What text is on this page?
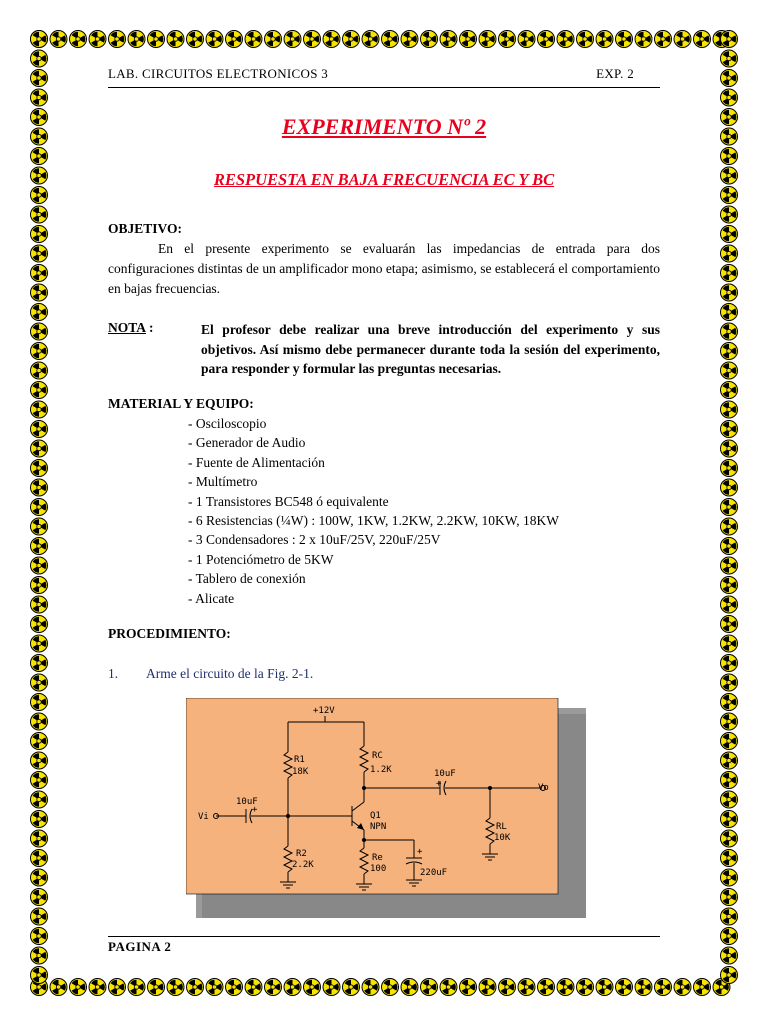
LAB. CIRCUITOS ELECTRONICOS 3	EXP. 2
EXPERIMENTO Nº 2
RESPUESTA EN BAJA FRECUENCIA EC Y BC
OBJETIVO:
En el presente experimento se evaluarán las impedancias de entrada para dos configuraciones distintas de un amplificador mono etapa; asimismo, se establecerá el comportamiento en bajas frecuencias.
NOTA :	El profesor debe realizar una breve introducción del experimento y sus objetivos. Así mismo debe permanecer durante toda la sesión del experimento, para responder y formular las preguntas necesarias.
MATERIAL Y EQUIPO:
- Osciloscopio
- Generador de Audio
- Fuente de Alimentación
- Multímetro
- 1 Transistores BC548 ó equivalente
- 6 Resistencias (¼W) : 100W, 1KW, 1.2KW, 2.2KW, 10KW, 18KW
- 3 Condensadores : 2 x 10uF/25V, 220uF/25V
- 1 Potenciómetro de 5KW
- Tablero de conexión
- Alicate
PROCEDIMIENTO:
1. Arme el circuito de la Fig. 2-1.
+12V
R1
18K
RC
1.2K	10uF
+	Vo
Vi
10uF
+
Q1
NPN	RL
10K
R2
2.2K
Re
100
+
220uF
PAGINA 2
